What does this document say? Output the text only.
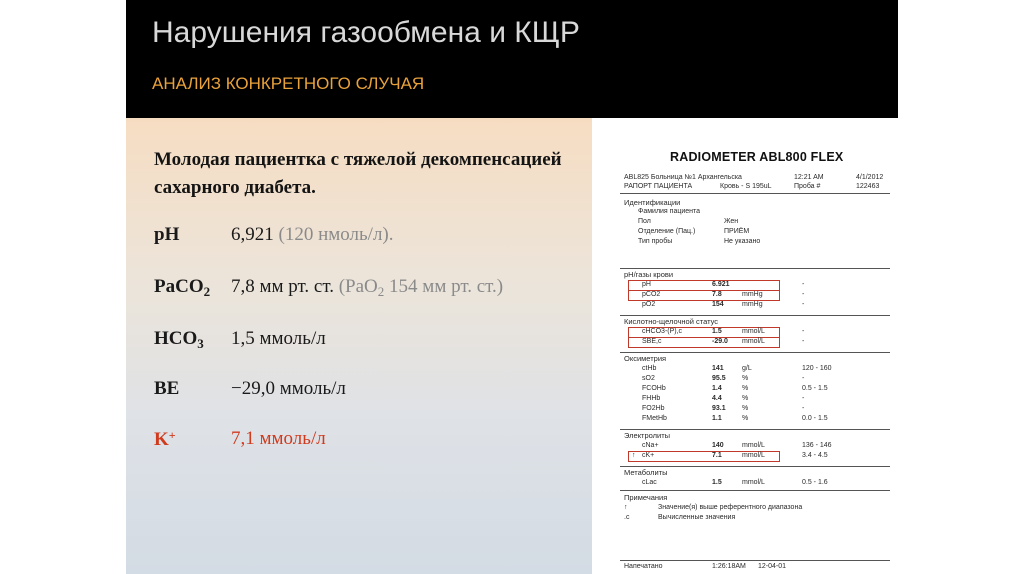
Нарушения газообмена и КЩР
АНАЛИЗ КОНКРЕТНОГО СЛУЧАЯ
Молодая пациентка с тяжелой декомпенсацией сахарного диабета.
pH	6,921 (120 нмоль/л).
PaCO$_2$ 7,8 мм рт. ст. (PaO$_2$ 154 мм рт. ст.)
$HCO_3$ 1,5 ммоль/л
BE	−29,0 ммоль/л
K+	7,1 ммоль/л
RADIOMETER ABL800 FLEX
ABL825 Больница №1 Архангельска	12:21 AM	4/1/2012
РАПОРТ ПАЦИЕНТА	Кровь - S 195uL	Проба #	122463
Идентификации
Фамилия пациента
Пол	Жен
Отделение (Пац.)	ПРИЁМ
Тип пробы	Не указано
pH/газы крови
pH	6.921	-
pCO2	7.8	mmHg	-
pO2	154	mmHg	-
Кислотно-щелочной статус
cHCO3-(P),c	1.5	mmol/L	-
SBE,c	-29.0 mmol/L	-
Оксиметрия
ctHb	141	g/L	120 - 160
sO2	95.5 %	-
FCOHb	1.4	%	0.5 - 1.5
FHHb	4.4	%	-
FO2Hb	93.1 %	-
FMetHb	1.1	%	0.0 - 1.5
Электролиты
cNa+	140	mmol/L	136 - 146
↑ cK+	7.1	mmol/L	3.4 - 4.5
Метаболиты
cLac	1.5	mmol/L	0.5 - 1.6
Примечания
↑	Значение(я) выше референтного диапазона
.c	Вычисленные значения
Напечатано	1:26:18AM 12-04-01
